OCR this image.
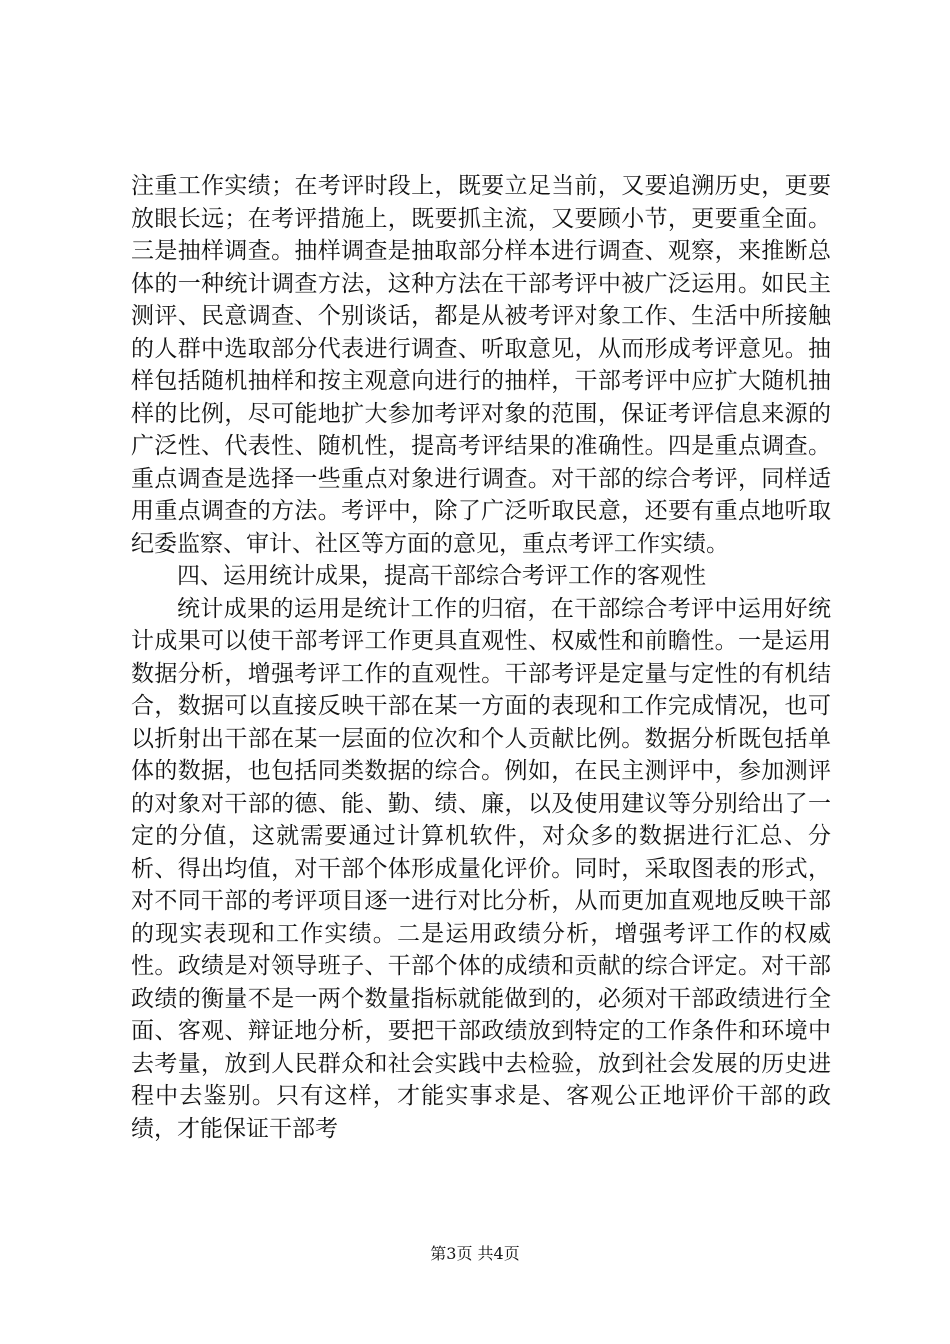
注重工作实绩；在考评时段上，既要立足当前，又要追溯历史，更要放眼长远；在考评措施上，既要抓主流，又要顾小节，更要重全面。三是抽样调查。抽样调查是抽取部分样本进行调查、观察，来推断总体的一种统计调查方法，这种方法在干部考评中被广泛运用。如民主测评、民意调查、个别谈话，都是从被考评对象工作、生活中所接触的人群中选取部分代表进行调查、听取意见，从而形成考评意见。抽样包括随机抽样和按主观意向进行的抽样，干部考评中应扩大随机抽样的比例，尽可能地扩大参加考评对象的范围，保证考评信息来源的广泛性、代表性、随机性，提高考评结果的准确性。四是重点调查。重点调查是选择一些重点对象进行调查。对干部的综合考评，同样适用重点调查的方法。考评中，除了广泛听取民意，还要有重点地听取纪委监察、审计、社区等方面的意见，重点考评工作实绩。

四、运用统计成果，提高干部综合考评工作的客观性

统计成果的运用是统计工作的归宿，在干部综合考评中运用好统计成果可以使干部考评工作更具直观性、权威性和前瞻性。一是运用数据分析，增强考评工作的直观性。干部考评是定量与定性的有机结合，数据可以直接反映干部在某一方面的表现和工作完成情况，也可以折射出干部在某一层面的位次和个人贡献比例。数据分析既包括单体的数据，也包括同类数据的综合。例如，在民主测评中，参加测评的对象对干部的德、能、勤、绩、廉，以及使用建议等分别给出了一定的分值，这就需要通过计算机软件，对众多的数据进行汇总、分析、得出均值，对干部个体形成量化评价。同时，采取图表的形式，对不同干部的考评项目逐一进行对比分析，从而更加直观地反映干部的现实表现和工作实绩。二是运用政绩分析，增强考评工作的权威性。政绩是对领导班子、干部个体的成绩和贡献的综合评定。对干部政绩的衡量不是一两个数量指标就能做到的，必须对干部政绩进行全面、客观、辩证地分析，要把干部政绩放到特定的工作条件和环境中去考量，放到人民群众和社会实践中去检验，放到社会发展的历史进程中去鉴别。只有这样，才能实事求是、客观公正地评价干部的政绩，才能保证干部考

第3页 共4页
